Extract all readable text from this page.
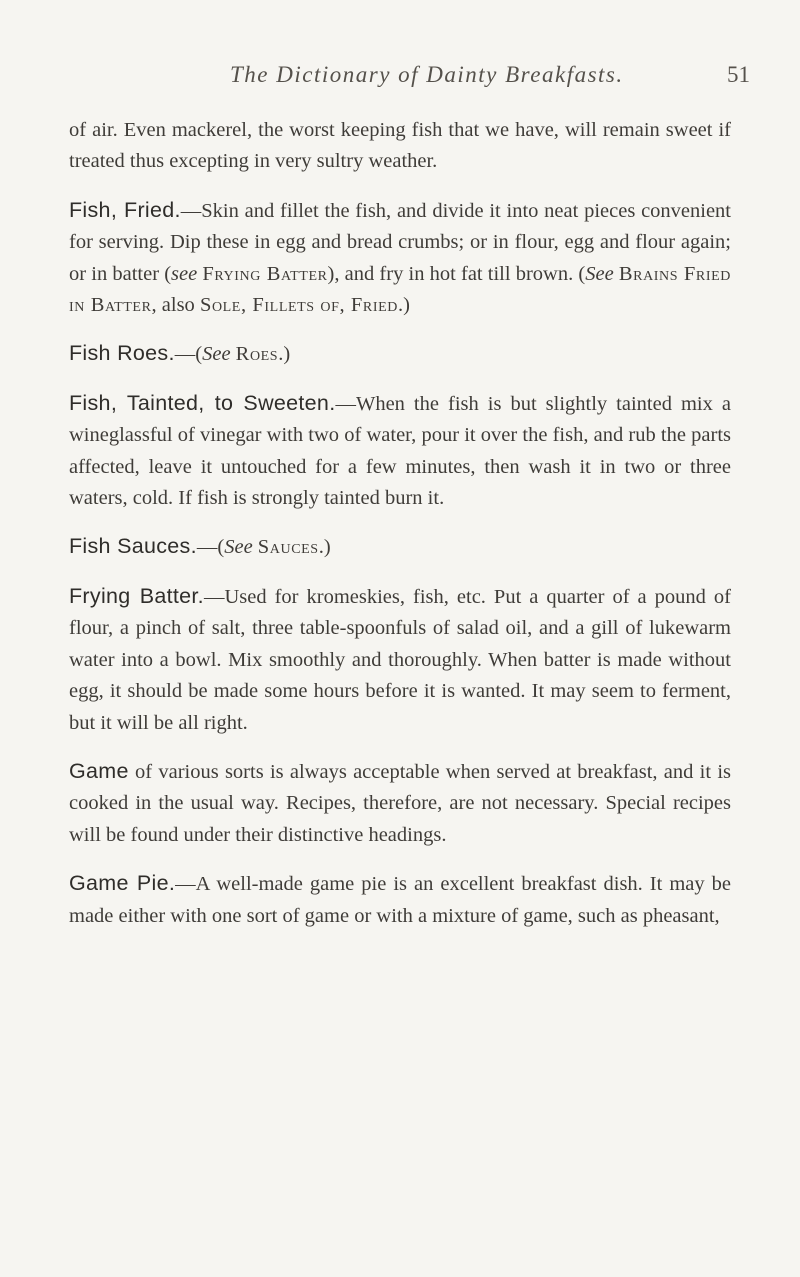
The Dictionary of Dainty Breakfasts.	51

of air. Even mackerel, the worst keeping fish that we have, will remain sweet if treated thus excepting in very sultry weather.

Fish, Fried.—Skin and fillet the fish, and divide it into neat pieces convenient for serving. Dip these in egg and bread crumbs; or in flour, egg and flour again; or in batter (see Frying Batter), and fry in hot fat till brown. (See Brains Fried in Batter, also Sole, Fillets of, Fried.)

Fish Roes.—(See Roes.)

Fish, Tainted, to Sweeten.—When the fish is but slightly tainted mix a wineglassful of vinegar with two of water, pour it over the fish, and rub the parts affected, leave it untouched for a few minutes, then wash it in two or three waters, cold. If fish is strongly tainted burn it.

Fish Sauces.—(See Sauces.)

Frying Batter.—Used for kromeskies, fish, etc. Put a quarter of a pound of flour, a pinch of salt, three table-spoonfuls of salad oil, and a gill of lukewarm water into a bowl. Mix smoothly and thoroughly. When batter is made without egg, it should be made some hours before it is wanted. It may seem to ferment, but it will be all right.

Game of various sorts is always acceptable when served at breakfast, and it is cooked in the usual way. Recipes, therefore, are not necessary. Special recipes will be found under their distinctive headings.

Game Pie.—A well-made game pie is an excellent breakfast dish. It may be made either with one sort of game or with a mixture of game, such as pheasant,
